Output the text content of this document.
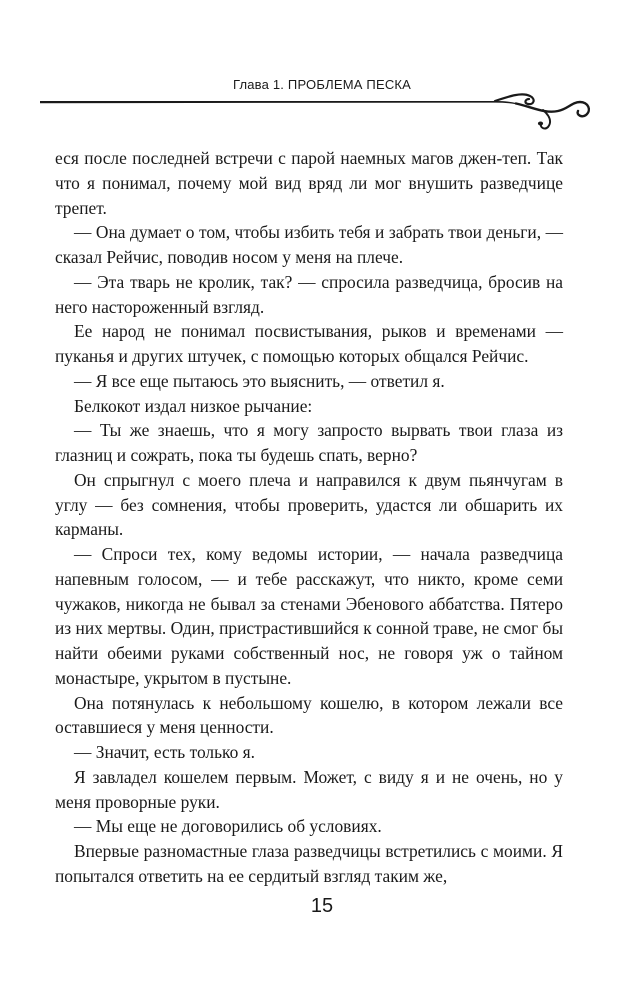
Глава 1. ПРОБЛЕМА ПЕСКА

еся после последней встречи с парой наемных магов джен-теп. Так что я понимал, почему мой вид вряд ли мог внушить разведчице трепет.

— Она думает о том, чтобы избить тебя и забрать твои деньги, — сказал Рейчис, поводив носом у меня на плече.

— Эта тварь не кролик, так? — спросила разведчица, бросив на него настороженный взгляд.

Ее народ не понимал посвистывания, рыков и временами — пуканья и других штучек, с помощью которых общался Рейчис.

— Я все еще пытаюсь это выяснить, — ответил я.

Белкокот издал низкое рычание:

— Ты же знаешь, что я могу запросто вырвать твои глаза из глазниц и сожрать, пока ты будешь спать, верно?

Он спрыгнул с моего плеча и направился к двум пьянчугам в углу — без сомнения, чтобы проверить, удастся ли обшарить их карманы.

— Спроси тех, кому ведомы истории, — начала разведчица напевным голосом, — и тебе расскажут, что никто, кроме семи чужаков, никогда не бывал за стенами Эбенового аббатства. Пятеро из них мертвы. Один, пристрастившийся к сонной траве, не смог бы найти обеими руками собственный нос, не говоря уж о тайном монастыре, укрытом в пустыне.

Она потянулась к небольшому кошелю, в котором лежали все оставшиеся у меня ценности.

— Значит, есть только я.

Я завладел кошелем первым. Может, с виду я и не очень, но у меня проворные руки.

— Мы еще не договорились об условиях.

Впервые разномастные глаза разведчицы встретились с моими. Я попытался ответить на ее сердитый взгляд таким же,

15
